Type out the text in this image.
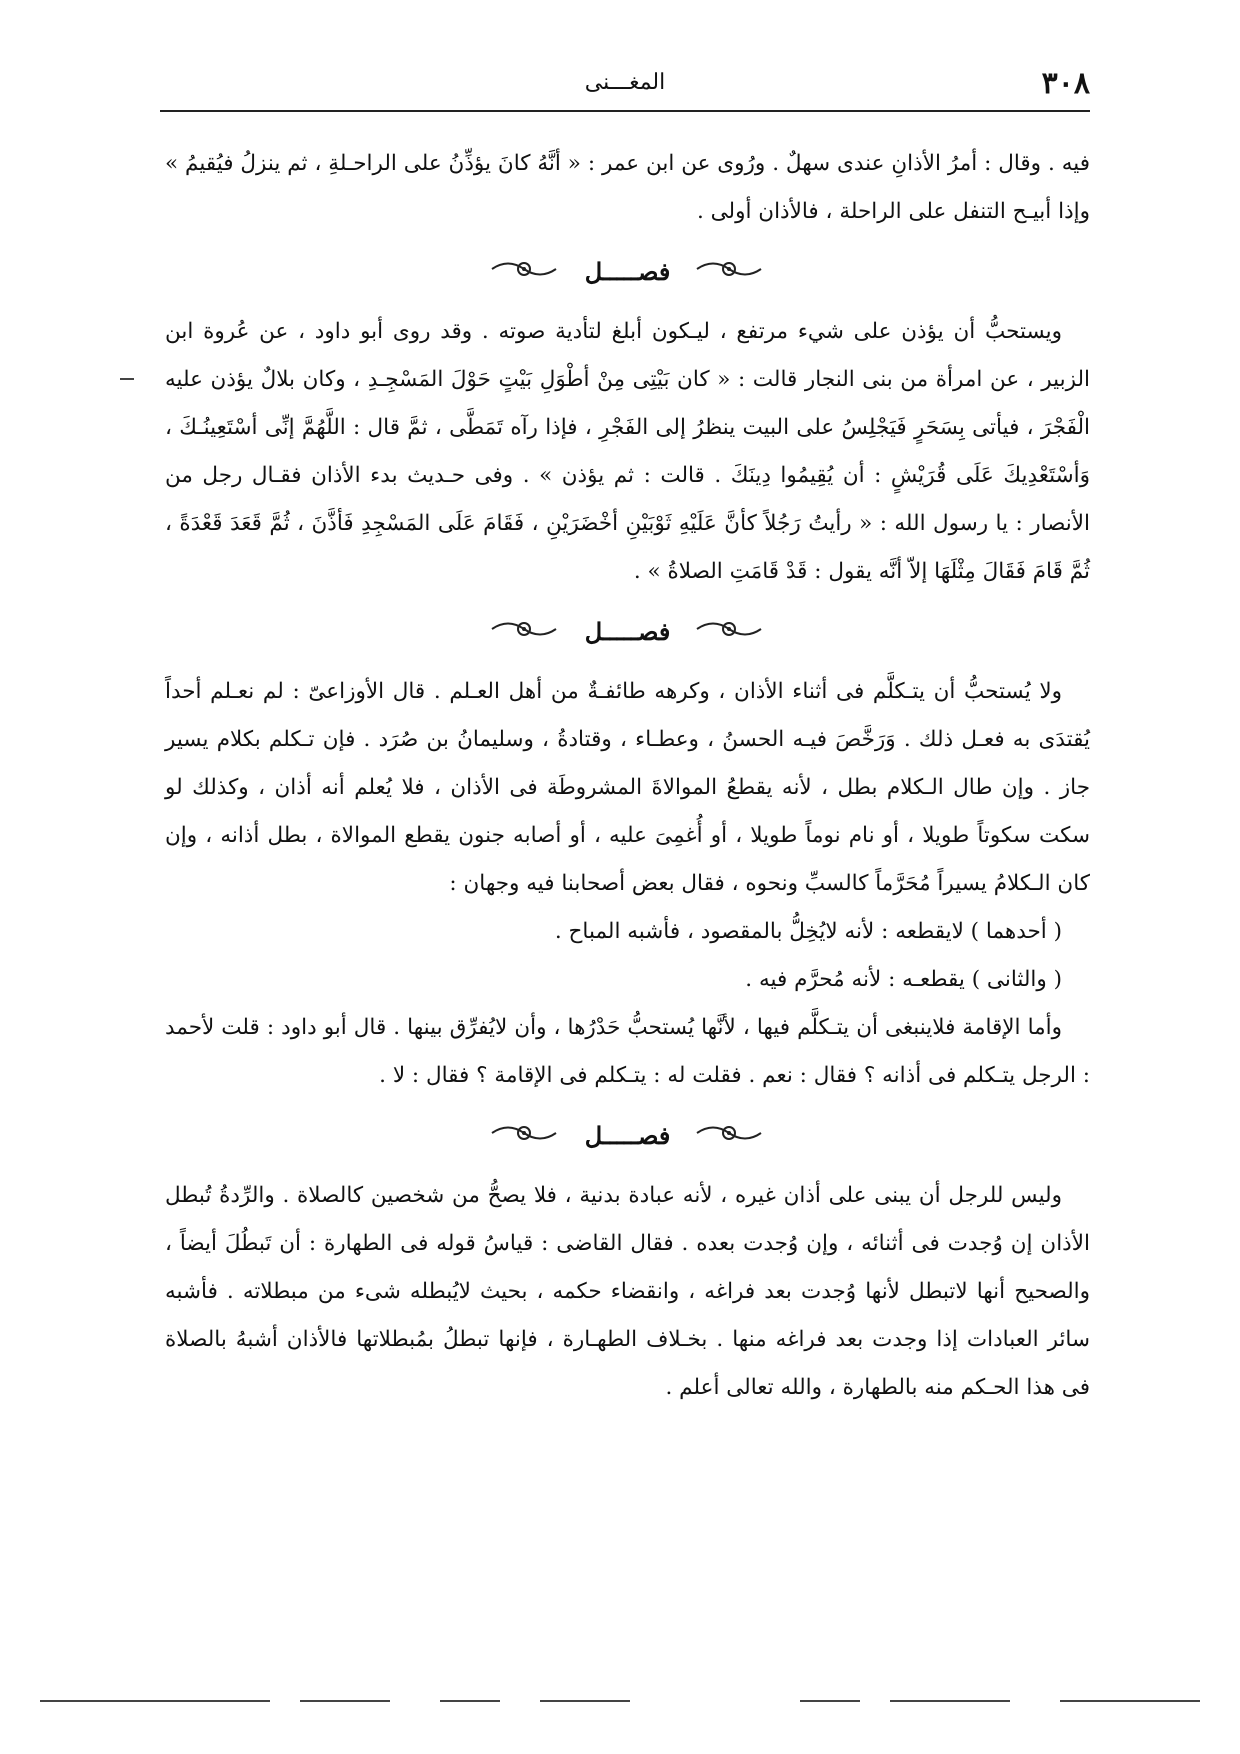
٣٠٨
المغـــنى

فيه . وقال : أمرُ الأذانِ عندى سهلٌ . ورُوى عن ابن عمر : « أنَّهُ كانَ يؤذِّنُ على الراحـلةِ ، ثم ينزلُ فيُقيمُ » وإذا أبيـح التنفل على الراحلة ، فالأذان أولى .

فصـــــل

ويستحبُّ أن يؤذن على شيء مرتفع ، ليـكون أبلغ لتأدية صوته . وقد روى أبو داود ، عن عُروة ابن الزبير ، عن امرأة من بنى النجار قالت : « كان بَيْتِى مِنْ أطْوَلِ بَيْتٍ حَوْلَ المَسْجِـدِ ، وكان بلالٌ يؤذن عليه الْفَجْرَ ، فيأتى بِسَحَرٍ فَيَجْلِسُ على البيت ينظرُ إلى الفَجْرِ ، فإذا رآه تَمَطَّى ، ثمَّ قال : اللَّهُمَّ إنِّى أسْتَعِينُـكَ ، وَأسْتَعْدِيكَ عَلَى قُرَيْشٍ : أن يُقِيمُوا دِينَكَ . قالت : ثم يؤذن » . وفى حـديث بدء الأذان فقـال رجل من الأنصار : يا رسول الله : « رأيتُ رَجُلاً كأنَّ عَلَيْهِ ثَوْبَيْنِ أخْضَرَيْنِ ، فَقَامَ عَلَى المَسْجِدِ فَأذَّنَ ، ثُمَّ قَعَدَ قَعْدَةً ، ثُمَّ قَامَ فَقَالَ مِثْلَهَا إلاّ أنَّه يقول : قَدْ قَامَتِ الصلاةُ » .

فصـــــل

ولا يُستحبُّ أن يتـكلَّم فى أثناء الأذان ، وكرهه طائفـةٌ من أهل العـلم . قال الأوزاعىّ : لم نعـلم أحداً يُقتدَى به فعـل ذلك . وَرَخَّصَ فيـه الحسنُ ، وعطـاء ، وقتادةُ ، وسليمانُ بن صُرَد . فإن تـكلم بكلام يسير جاز . وإن طال الـكلام بطل ، لأنه يقطعُ الموالاةَ المشروطَة فى الأذان ، فلا يُعلم أنه أذان ، وكذلك لو سكت سكوتاً طويلا ، أو نام نوماً طويلا ، أو أُغمِىَ عليه ، أو أصابه جنون يقطع الموالاة ، بطل أذانه ، وإن كان الـكلامُ يسيراً مُحَرَّماً كالسبِّ ونحوه ، فقال بعض أصحابنا فيه وجهان :

( أحدهما ) لايقطعه : لأنه لايُخِلُّ بالمقصود ، فأشبه المباح .

( والثانى ) يقطعـه : لأنه مُحرَّم فيه .

وأما الإقامة فلاينبغى أن يتـكلَّم فيها ، لأنَّها يُستحبُّ حَدْرُها ، وأن لايُفرِّق بينها . قال أبو داود : قلت لأحمد : الرجل يتـكلم فى أذانه ؟ فقال : نعم . فقلت له : يتـكلم فى الإقامة ؟ فقال : لا .

فصـــــل

وليس للرجل أن يبنى على أذان غيره ، لأنه عبادة بدنية ، فلا يصحُّ من شخصين كالصلاة . والرِّدةُ تُبطل الأذان إن وُجدت فى أثنائه ، وإن وُجدت بعده . فقال القاضى : قياسُ قوله فى الطهارة : أن تَبطُلَ أيضاً ، والصحيح أنها لاتبطل لأنها وُجدت بعد فراغه ، وانقضاء حكمه ، بحيث لايُبطله شىء من مبطلاته . فأشبه سائر العبادات إذا وجدت بعد فراغه منها . بخـلاف الطهـارة ، فإنها تبطلُ بمُبطلاتها فالأذان أشبهُ بالصلاة فى هذا الحـكم منه بالطهارة ، والله تعالى أعلم .
